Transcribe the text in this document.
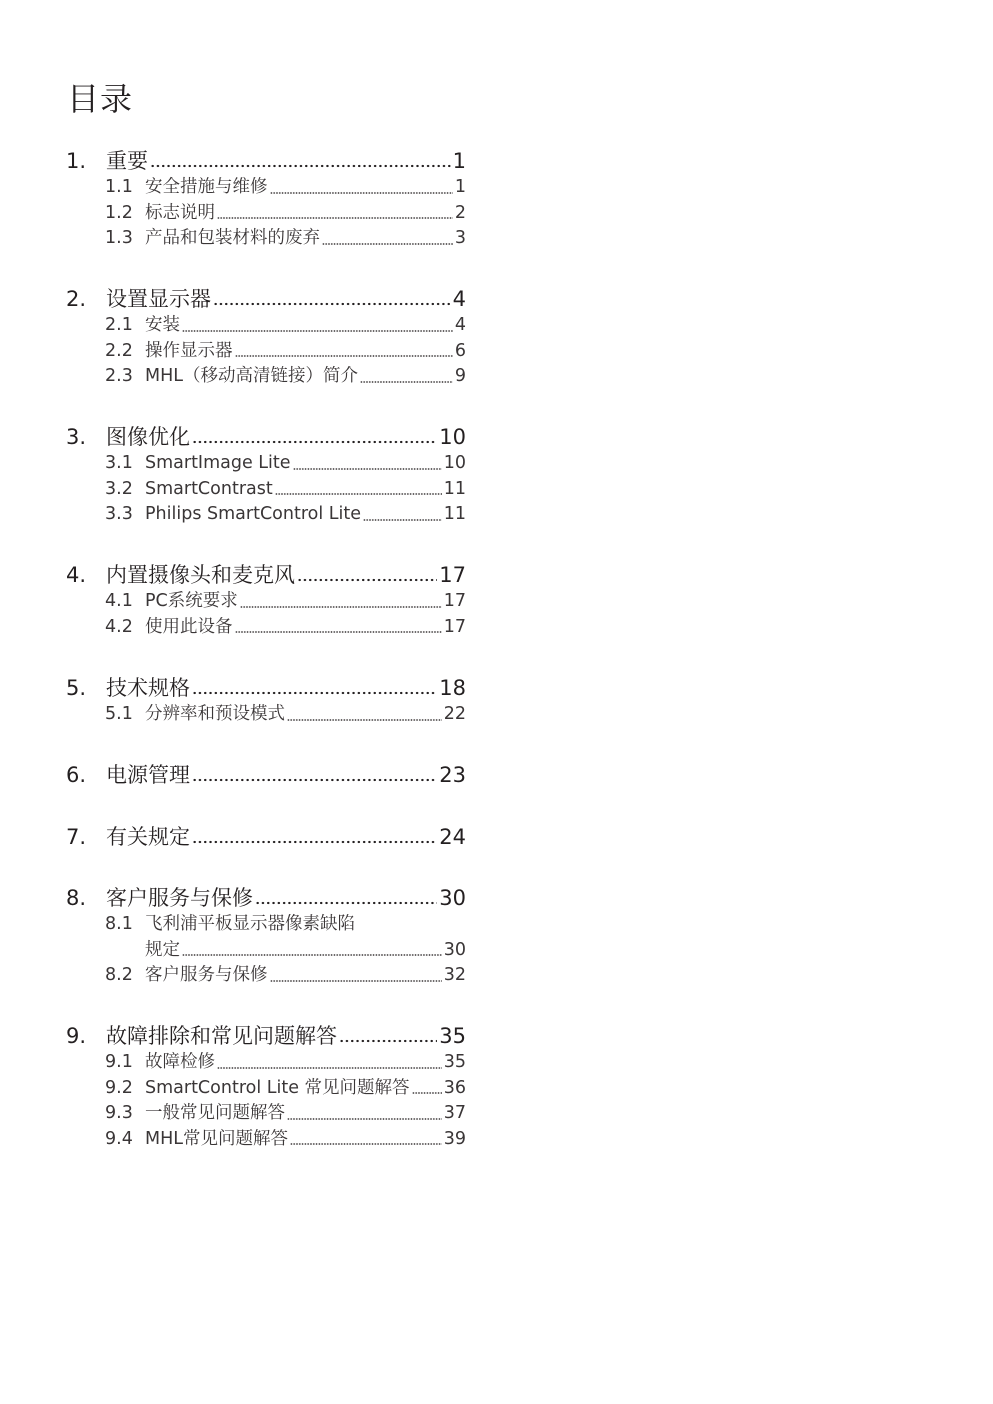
目录
1. 重要	1
1.1 安全措施与维修	1
1.2 标志说明	2
1.3 产品和包装材料的废弃	3
2. 设置显示器	4
2.1 安装	4
2.2 操作显示器	6
2.3 MHL（移动高清链接）简介	9
3. 图像优化	10
3.1 SmartImage Lite	10
3.2 SmartContrast	11
3.3 Philips SmartControl Lite	11
4. 内置摄像头和麦克风	17
4.1 PC系统要求	17
4.2 使用此设备	17
5. 技术规格	18
5.1 分辨率和预设模式	22
6. 电源管理	23
7. 有关规定	24
8. 客户服务与保修	30
8.1 飞利浦平板显示器像素缺陷
规定	30
8.2 客户服务与保修	32
9. 故障排除和常见问题解答	35
9.1 故障检修	35
9.2 SmartControl Lite 常见问题解答 36
9.3 一般常见问题解答	37
9.4 MHL常见问题解答	39
